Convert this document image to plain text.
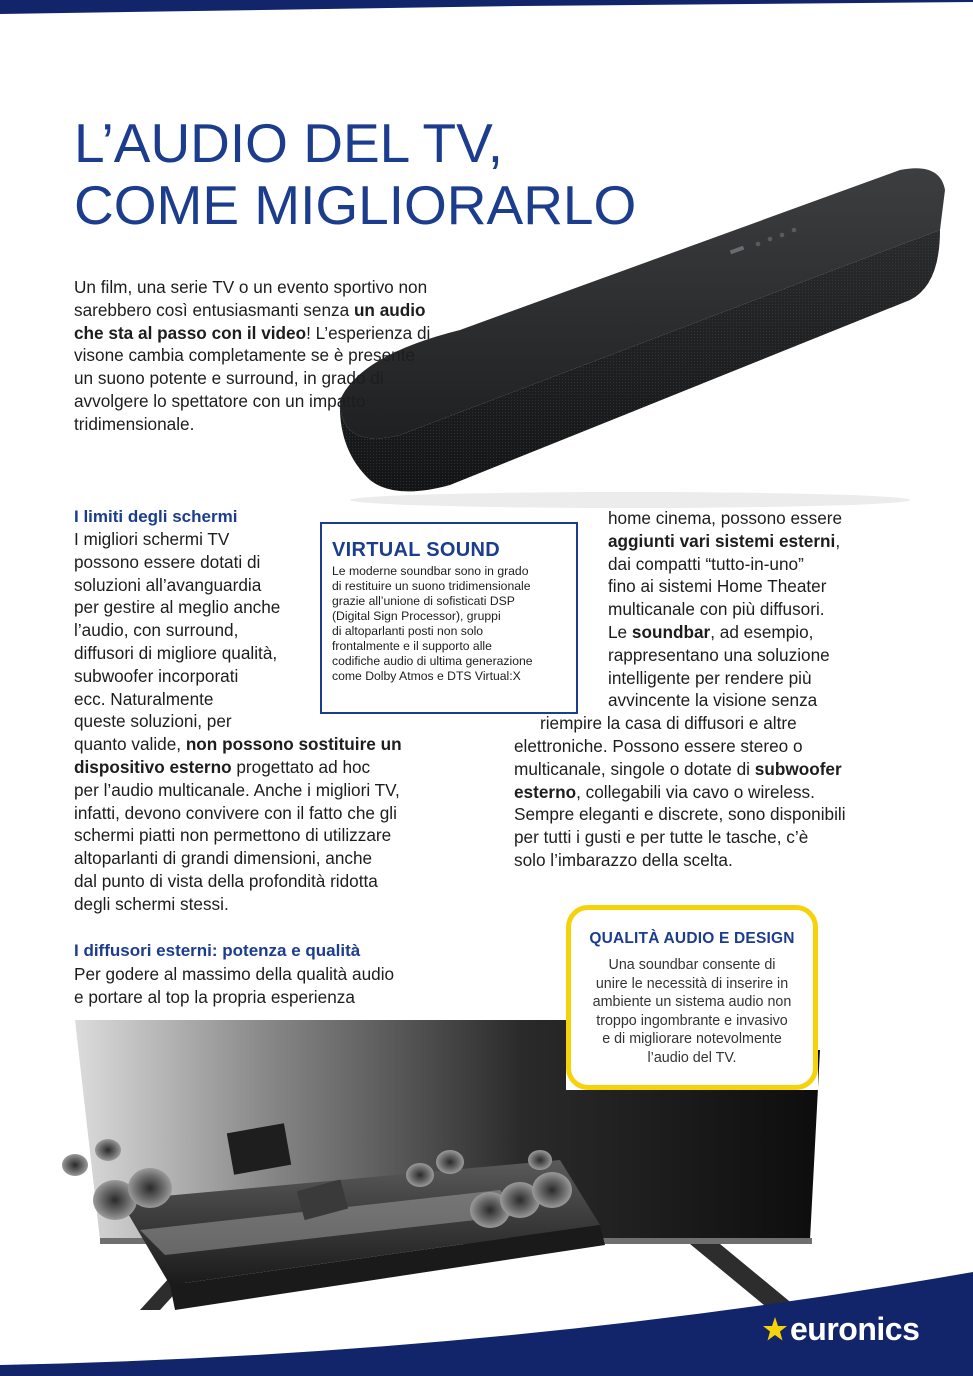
L’AUDIO DEL TV,
COME MIGLIORARLO

Un film, una serie TV o un evento sportivo non sarebbero così entusiasmanti senza un audio che sta al passo con il video! L’esperienza di visone cambia completamente se è presente un suono potente e surround, in grado di avvolgere lo spettatore con un impatto tridimensionale.

I limiti degli schermi
I migliori schermi TV
possono essere dotati di
soluzioni all’avanguardia
per gestire al meglio anche
l’audio, con surround,
diffusori di migliore qualità,
subwoofer incorporati
ecc. Naturalmente
queste soluzioni, per
quanto valide, non possono sostituire un
dispositivo esterno progettato ad hoc
per l’audio multicanale. Anche i migliori TV,
infatti, devono convivere con il fatto che gli
schermi piatti non permettono di utilizzare
altoparlanti di grandi dimensioni, anche
dal punto di vista della profondità ridotta
degli schermi stessi.
VIRTUAL SOUND
Le moderne soundbar sono in grado
di restituire un suono tridimensionale
grazie all’unione di sofisticati DSP
(Digital Sign Processor), gruppi
di altoparlanti posti non solo
frontalmente e il supporto alle
codifiche audio di ultima generazione
come Dolby Atmos e DTS Virtual:X
home cinema, possono essere
aggiunti vari sistemi esterni,
dai compatti “tutto-in-uno”
fino ai sistemi Home Theater
multicanale con più diffusori.
Le soundbar, ad esempio,
rappresentano una soluzione
intelligente per rendere più
avvincente la visione senza
riempire la casa di diffusori e altre
elettroniche. Possono essere stereo o
multicanale, singole o dotate di subwoofer
esterno, collegabili via cavo o wireless.
Sempre eleganti e discrete, sono disponibili
per tutti i gusti e per tutte le tasche, c’è
solo l’imbarazzo della scelta.
I diffusori esterni: potenza e qualità
Per godere al massimo della qualità audio
e portare al top la propria esperienza
QUALITÀ AUDIO E DESIGN
Una soundbar consente di
unire le necessità di inserire in
ambiente un sistema audio non
troppo ingombrante e invasivo
e di migliorare notevolmente
l’audio del TV.
euronics
